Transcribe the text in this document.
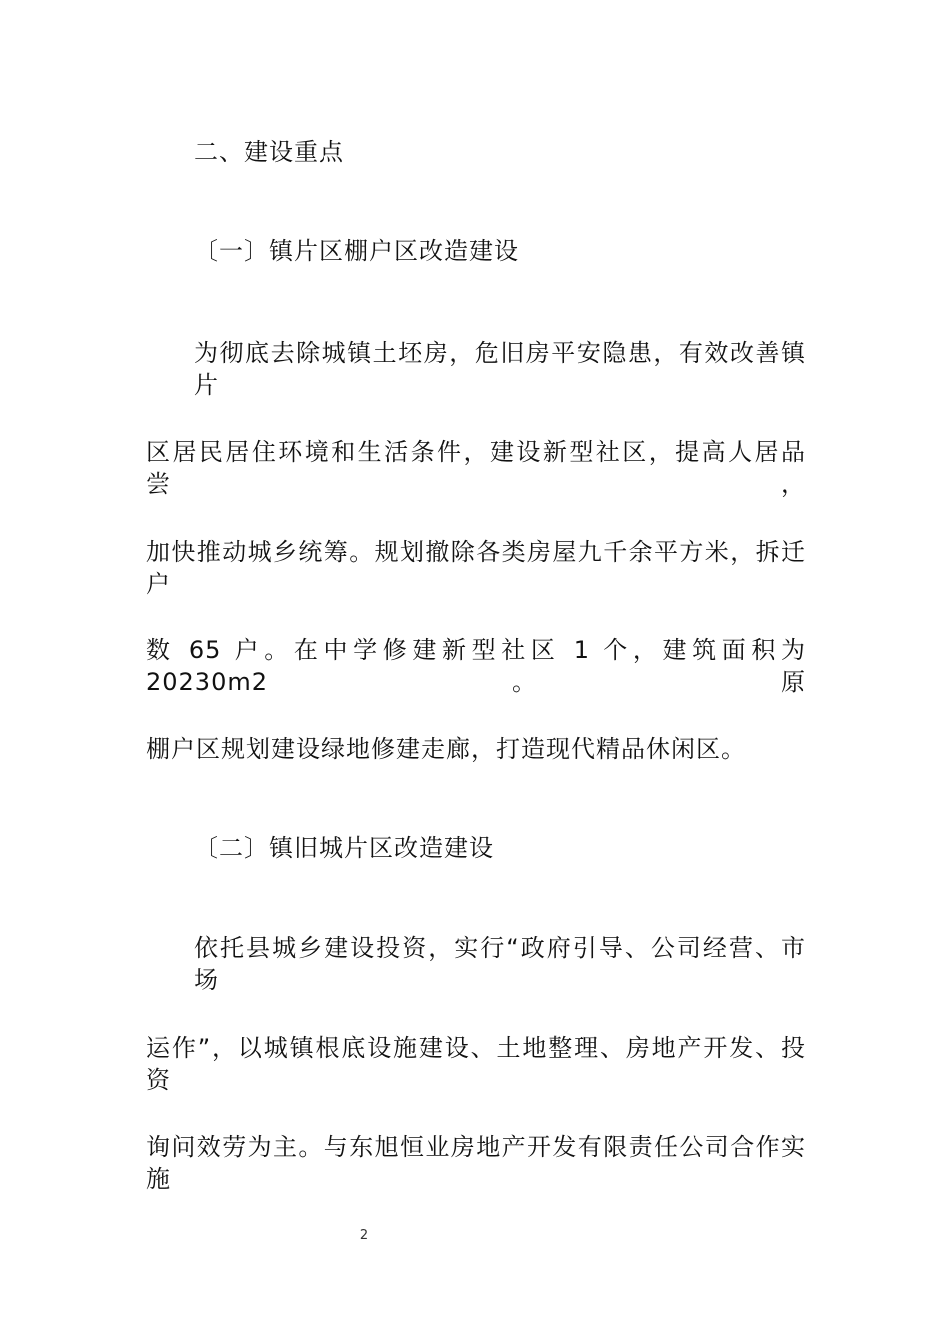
二、建设重点
〔一〕镇片区棚户区改造建设
为彻底去除城镇土坯房，危旧房平安隐患，有效改善镇片
区居民居住环境和生活条件，建设新型社区，提高人居品尝，
加快推动城乡统筹。规划撤除各类房屋九千余平方米，拆迁户
数 65 户。在中学修建新型社区 1 个，建筑面积为 20230m2。原
棚户区规划建设绿地修建走廊，打造现代精品休闲区。
〔二〕镇旧城片区改造建设
依托县城乡建设投资，实行“政府引导、公司经营、市场
运作”，以城镇根底设施建设、土地整理、房地产开发、投资
询问效劳为主。与东旭恒业房地产开发有限责任公司合作实施
2
